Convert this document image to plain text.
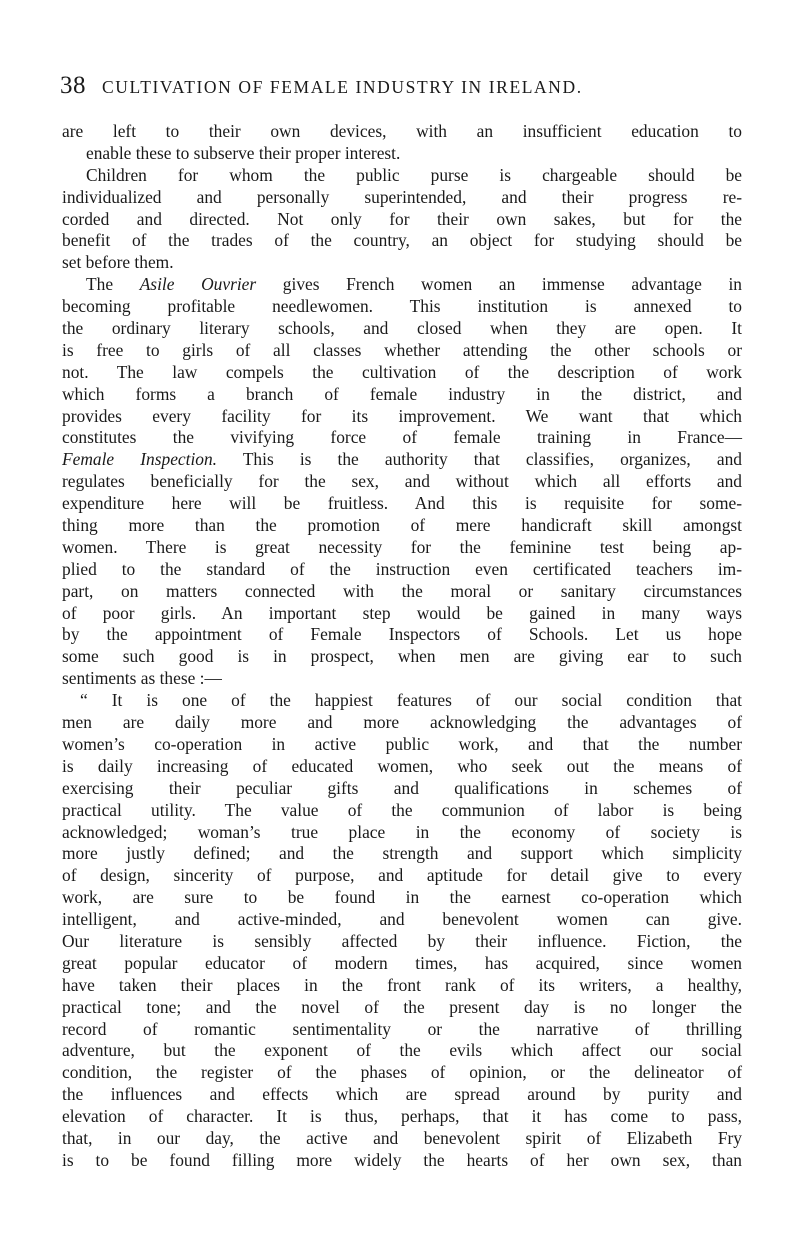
38 CULTIVATION OF FEMALE INDUSTRY IN IRELAND.
are left to their own devices, with an insufficient education to
enable these to subserve their proper interest.
Children for whom the public purse is chargeable should be
individualized and personally superintended, and their progress re-
corded and directed. Not only for their own sakes, but for the
benefit of the trades of the country, an object for studying should be
set before them.
The Asile Ouvrier gives French women an immense advantage in
becoming profitable needlewomen. This institution is annexed to
the ordinary literary schools, and closed when they are open. It
is free to girls of all classes whether attending the other schools or
not. The law compels the cultivation of the description of work
which forms a branch of female industry in the district, and
provides every facility for its improvement. We want that which
constitutes the vivifying force of female training in France—
Female Inspection. This is the authority that classifies, organizes, and
regulates beneficially for the sex, and without which all efforts and
expenditure here will be fruitless. And this is requisite for some-
thing more than the promotion of mere handicraft skill amongst
women. There is great necessity for the feminine test being ap-
plied to the standard of the instruction even certificated teachers im-
part, on matters connected with the moral or sanitary circumstances
of poor girls. An important step would be gained in many ways
by the appointment of Female Inspectors of Schools. Let us hope
some such good is in prospect, when men are giving ear to such
sentiments as these :—
“ It is one of the happiest features of our social condition that
men are daily more and more acknowledging the advantages of
women’s co-operation in active public work, and that the number
is daily increasing of educated women, who seek out the means of
exercising their peculiar gifts and qualifications in schemes of
practical utility. The value of the communion of labor is being
acknowledged; woman’s true place in the economy of society is
more justly defined; and the strength and support which simplicity
of design, sincerity of purpose, and aptitude for detail give to every
work, are sure to be found in the earnest co-operation which
intelligent, and active-minded, and benevolent women can give.
Our literature is sensibly affected by their influence. Fiction, the
great popular educator of modern times, has acquired, since women
have taken their places in the front rank of its writers, a healthy,
practical tone; and the novel of the present day is no longer the
record of romantic sentimentality or the narrative of thrilling
adventure, but the exponent of the evils which affect our social
condition, the register of the phases of opinion, or the delineator of
the influences and effects which are spread around by purity and
elevation of character. It is thus, perhaps, that it has come to pass,
that, in our day, the active and benevolent spirit of Elizabeth Fry
is to be found filling more widely the hearts of her own sex, than
